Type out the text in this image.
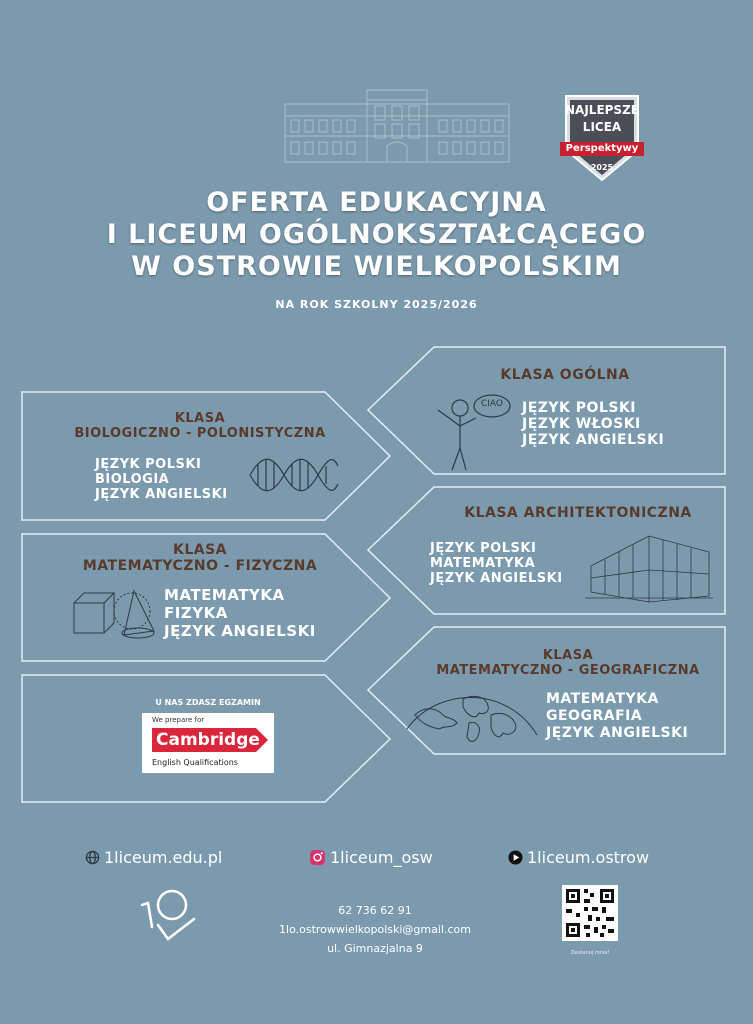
NAJLEPSZE
LICEA
Perspektywy
2025
OFERTA EDUKACYJNA
I LICEUM OGÓLNOKSZTAŁCĄCEGO
W OSTROWIE WIELKOPOLSKIM
NA ROK SZKOLNY 2025/2026
KLASA OGÓLNA
CIAO	JĘZYK POLSKI
JĘZYK WŁOSKI
JĘZYK ANGIELSKI
KLASA
BIOLOGICZNO - POLONISTYCZNA
JĘZYK POLSKI
BIOLOGIA
JĘZYK ANGIELSKI
KLASA ARCHITEKTONICZNA
JĘZYK POLSKI
MATEMATYKA
JĘZYK ANGIELSKI
KLASA
MATEMATYCZNO - FIZYCZNA
MATEMATYKA
FIZYKA
JĘZYK ANGIELSKI
KLASA
MATEMATYCZNO - GEOGRAFICZNA
MATEMATYKA
GEOGRAFIA
JĘZYK ANGIELSKI
U NAS ZDASZ EGZAMIN
We prepare for
Cambridge
English Qualifications
1liceum.edu.pl	1liceum_osw	1liceum.ostrow
62 736 62 91
1lo.ostrowwielkopolski@gmail.com
ul. Gimnazjalna 9	Zeskanuj mnie!
